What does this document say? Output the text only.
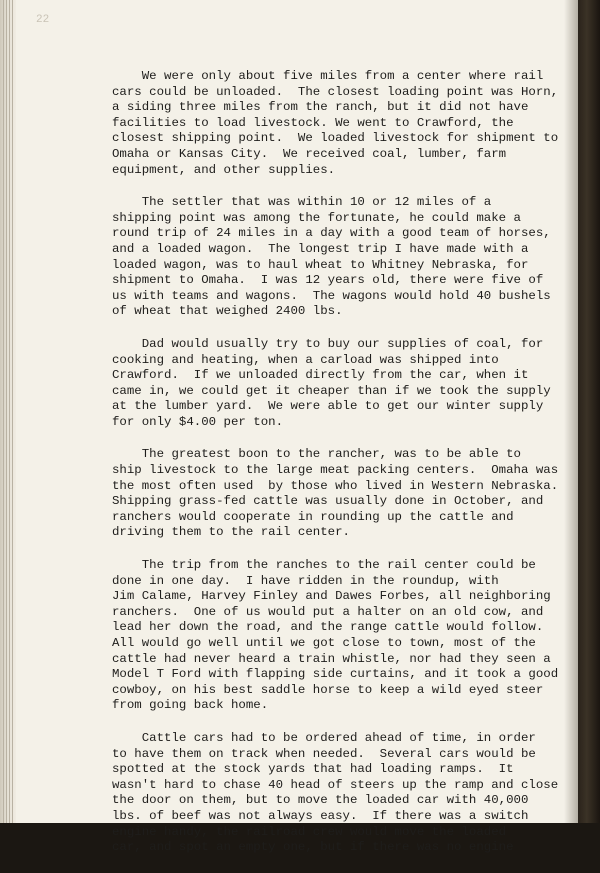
22
We were only about five miles from a center where rail
cars could be unloaded.  The closest loading point was Horn,
a siding three miles from the ranch, but it did not have
facilities to load livestock. We went to Crawford, the
closest shipping point.  We loaded livestock for shipment to
Omaha or Kansas City.  We received coal, lumber, farm
equipment, and other supplies.
The settler that was within 10 or 12 miles of a
shipping point was among the fortunate, he could make a
round trip of 24 miles in a day with a good team of horses,
and a loaded wagon.  The longest trip I have made with a
loaded wagon, was to haul wheat to Whitney Nebraska, for
shipment to Omaha.  I was 12 years old, there were five of
us with teams and wagons.  The wagons would hold 40 bushels
of wheat that weighed 2400 lbs.
Dad would usually try to buy our supplies of coal, for
cooking and heating, when a carload was shipped into
Crawford.  If we unloaded directly from the car, when it
came in, we could get it cheaper than if we took the supply
at the lumber yard.  We were able to get our winter supply
for only $4.00 per ton.
The greatest boon to the rancher, was to be able to
ship livestock to the large meat packing centers.  Omaha was
the most often used  by those who lived in Western Nebraska.
Shipping grass-fed cattle was usually done in October, and
ranchers would cooperate in rounding up the cattle and
driving them to the rail center.
The trip from the ranches to the rail center could be
done in one day.  I have ridden in the roundup, with
Jim Calame, Harvey Finley and Dawes Forbes, all neighboring
ranchers.  One of us would put a halter on an old cow, and
lead her down the road, and the range cattle would follow.
All would go well until we got close to town, most of the
cattle had never heard a train whistle, nor had they seen a
Model T Ford with flapping side curtains, and it took a good
cowboy, on his best saddle horse to keep a wild eyed steer
from going back home.
Cattle cars had to be ordered ahead of time, in order
to have them on track when needed.  Several cars would be
spotted at the stock yards that had loading ramps.  It
wasn't hard to chase 40 head of steers up the ramp and close
the door on them, but to move the loaded car with 40,000
lbs. of beef was not always easy.  If there was a switch
engine handy, the railroad crew would move the loaded
car, and spot an empty one, but if there was no engine
